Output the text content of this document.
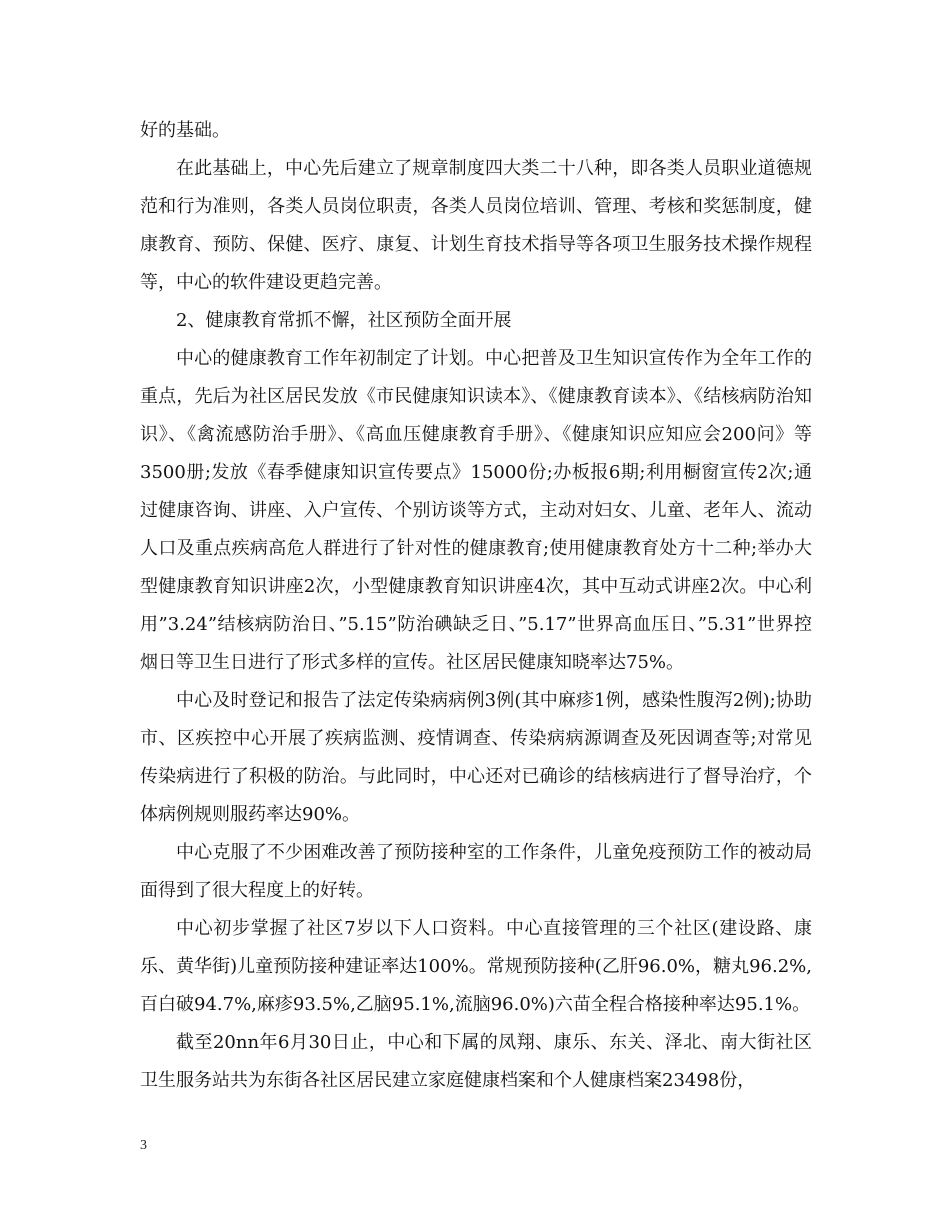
好的基础。

在此基础上，中心先后建立了规章制度四大类二十八种，即各类人员职业道德规范和行为准则，各类人员岗位职责，各类人员岗位培训、管理、考核和奖惩制度，健康教育、预防、保健、医疗、康复、计划生育技术指导等各项卫生服务技术操作规程等，中心的软件建设更趋完善。

2、健康教育常抓不懈，社区预防全面开展

中心的健康教育工作年初制定了计划。中心把普及卫生知识宣传作为全年工作的重点，先后为社区居民发放《市民健康知识读本》、《健康教育读本》、《结核病防治知识》、《禽流感防治手册》、《高血压健康教育手册》、《健康知识应知应会200问》等3500册;发放《春季健康知识宣传要点》15000份;办板报6期;利用橱窗宣传2次;通过健康咨询、讲座、入户宣传、个别访谈等方式，主动对妇女、儿童、老年人、流动人口及重点疾病高危人群进行了针对性的健康教育;使用健康教育处方十二种;举办大型健康教育知识讲座2次，小型健康教育知识讲座4次，其中互动式讲座2次。中心利用”3.24”结核病防治日、”5.15”防治碘缺乏日、”5.17”世界高血压日、”5.31”世界控烟日等卫生日进行了形式多样的宣传。社区居民健康知晓率达75%。

中心及时登记和报告了法定传染病病例3例(其中麻疹1例，感染性腹泻2例);协助市、区疾控中心开展了疾病监测、疫情调查、传染病病源调查及死因调查等;对常见传染病进行了积极的防治。与此同时，中心还对已确诊的结核病进行了督导治疗，个体病例规则服药率达90%。

中心克服了不少困难改善了预防接种室的工作条件，儿童免疫预防工作的被动局面得到了很大程度上的好转。

中心初步掌握了社区7岁以下人口资料。中心直接管理的三个社区(建设路、康乐、黄华街)儿童预防接种建证率达100%。常规预防接种(乙肝96.0%，糖丸96.2%,百白破94.7%,麻疹93.5%,乙脑95.1%,流脑96.0%)六苗全程合格接种率达95.1%。

截至20nn年6月30日止，中心和下属的凤翔、康乐、东关、泽北、南大街社区卫生服务站共为东街各社区居民建立家庭健康档案和个人健康档案23498份，

3
